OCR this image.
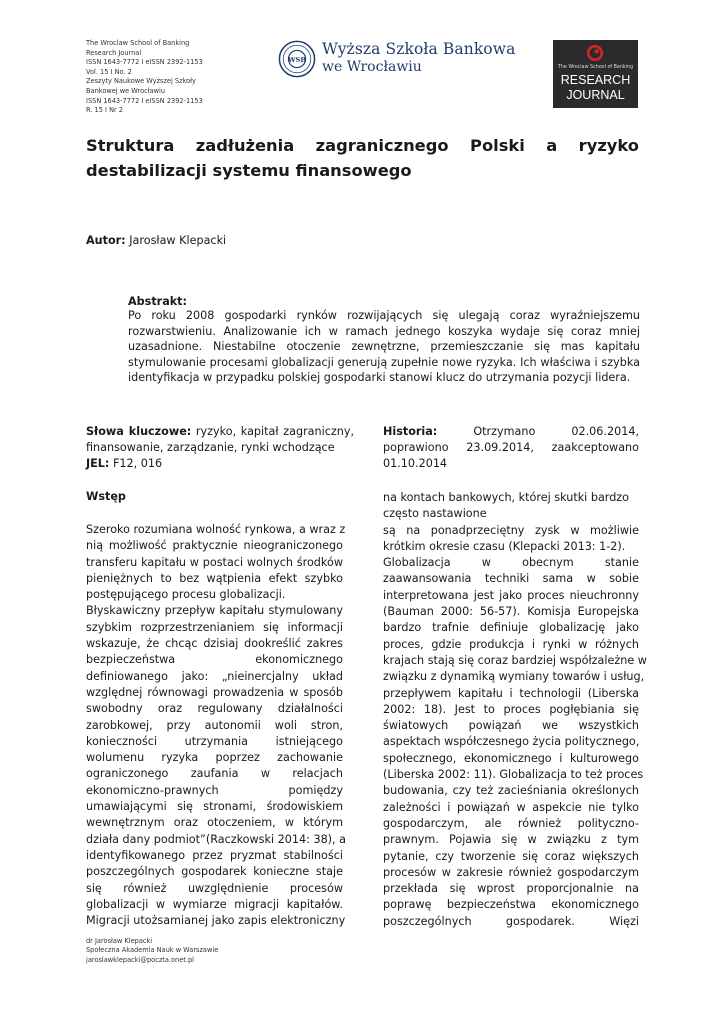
The Wroclaw School of Banking
Research Journal
ISSN 1643-7772 I eISSN 2392-1153
Vol. 15 I No. 2
Zeszyty Naukowe Wyższej Szkoły
Bankowej we Wrocławiu
ISSN 1643-7772 I eISSN 2392-1153
R. 15 I Nr 2
WSB
Wyższa Szkoła Bankowa
we Wrocławiu	The Wroclaw School of Banking
RESEARCH
JOURNAL
Struktura zadłużenia zagranicznego Polski a ryzyko destabilizacji systemu finansowego
Autor: Jarosław Klepacki
Abstrakt:
Po roku 2008 gospodarki rynków rozwijających się ulegają coraz wyraźniejszemu rozwarstwieniu. Analizowanie ich w ramach jednego koszyka wydaje się coraz mniej uzasadnione. Niestabilne otoczenie zewnętrzne, przemieszczanie się mas kapitału stymulowanie procesami globalizacji generują zupełnie nowe ryzyka. Ich właściwa i szybka identyfikacja w przypadku polskiej gospodarki stanowi klucz do utrzymania pozycji lidera.
Słowa kluczowe: ryzyko, kapitał zagraniczny, finansowanie, zarządzanie, rynki wchodzące
JEL: F12, 016
Historia: Otrzymano 02.06.2014, poprawiono 23.09.2014, zaakceptowano 01.10.2014
Wstęp
Szeroko rozumiana wolność rynkowa, a wraz z
nią możliwość praktycznie nieograniczonego
transferu kapitału w postaci wolnych środków
pieniężnych to bez wątpienia efekt szybko
postępującego procesu globalizacji.
Błyskawiczny przepływ kapitału stymulowany
szybkim rozprzestrzenianiem się informacji
wskazuje, że chcąc dzisiaj dookreślić zakres
bezpieczeństwa ekonomicznego
definiowanego jako: „nieinercjalny układ
względnej równowagi prowadzenia w sposób
swobodny oraz regulowany działalności
zarobkowej, przy autonomii woli stron,
konieczności utrzymania istniejącego
wolumenu ryzyka poprzez zachowanie
ograniczonego zaufania w relacjach
ekonomiczno-prawnych pomiędzy
umawiającymi się stronami, środowiskiem
wewnętrznym oraz otoczeniem, w którym
działa dany podmiot”(Raczkowski 2014: 38), a
identyfikowanego przez pryzmat stabilności
poszczególnych gospodarek konieczne staje
się również uwzględnienie procesów
globalizacji w wymiarze migracji kapitałów.
Migracji utożsamianej jako zapis elektroniczny
na kontach bankowych, której skutki bardzo
często nastawione
są na ponadprzeciętny zysk w możliwie
krótkim okresie czasu (Klepacki 2013: 1-2).
Globalizacja w obecnym stanie
zaawansowania techniki sama w sobie
interpretowana jest jako proces nieuchronny
(Bauman 2000: 56-57). Komisja Europejska
bardzo trafnie definiuje globalizację jako
proces, gdzie produkcja i rynki w różnych
krajach stają się coraz bardziej współzależne w
związku z dynamiką wymiany towarów i usług,
przepływem kapitału i technologii (Liberska
2002: 18). Jest to proces pogłębiania się
światowych powiązań we wszystkich
aspektach współczesnego życia politycznego,
społecznego, ekonomicznego i kulturowego
(Liberska 2002: 11). Globalizacja to też proces
budowania, czy też zacieśniania określonych
zależności i powiązań w aspekcie nie tylko
gospodarczym, ale również polityczno-
prawnym. Pojawia się w związku z tym
pytanie, czy tworzenie się coraz większych
procesów w zakresie również gospodarczym
przekłada się wprost proporcjonalnie na
poprawę bezpieczeństwa ekonomicznego
poszczególnych gospodarek. Więzi
dr Jarosław Klepacki
Społeczna Akademia Nauk w Warszawie
jaroslawklepacki@poczta.onet.pl
